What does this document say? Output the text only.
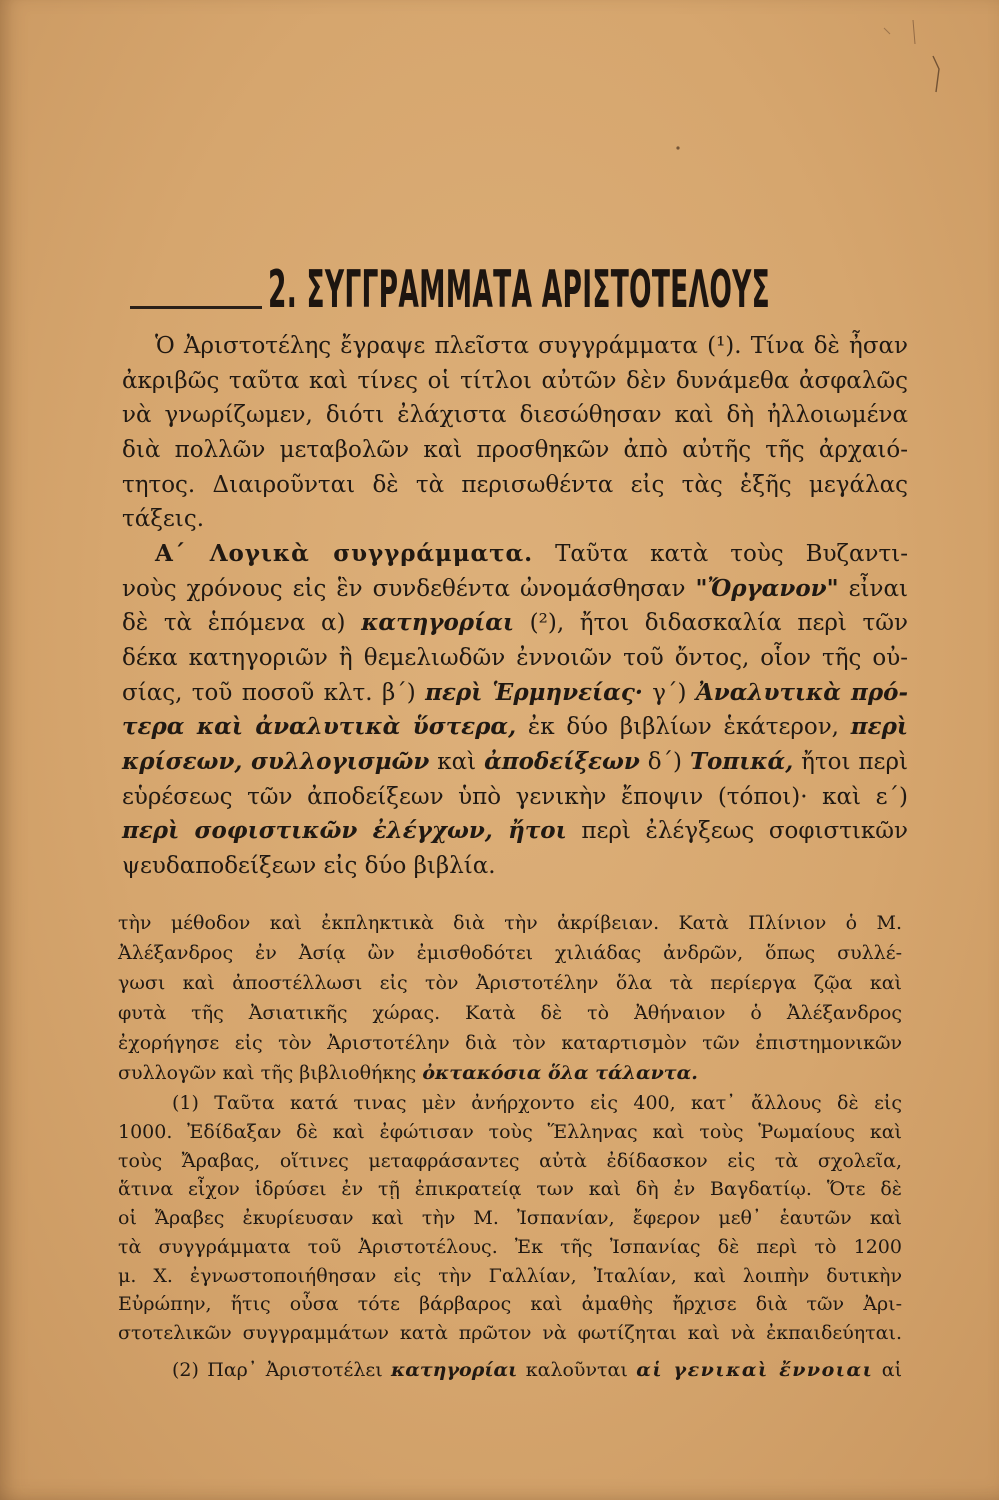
2. ΣΥΓΓΡΑΜΜΑΤΑ ΑΡΙΣΤΟΤΕΛΟΥΣ
Ὁ Ἀριστοτέλης ἔγραψε πλεῖστα συγγράμματα (¹). Τίνα δὲ ἦσαν
ἀκριβῶς ταῦτα καὶ τίνες οἱ τίτλοι αὐτῶν δὲν δυνάμεθα ἀσφαλῶς
νὰ γνωρίζωμεν, διότι ἐλάχιστα διεσώθησαν καὶ δὴ ἠλλοιωμένα
διὰ πολλῶν μεταβολῶν καὶ προσθηκῶν ἀπὸ αὐτῆς τῆς ἀρχαιό-
τητος. Διαιροῦνται δὲ τὰ περισωθέντα εἰς τὰς ἑξῆς μεγάλας
τάξεις.
Α΄ Λογικὰ συγγράμματα. Ταῦτα κατὰ τοὺς Βυζαντι-
νοὺς χρόνους εἰς ἓν συνδεθέντα ὠνομάσθησαν "Ὄργανον" εἶναι
δὲ τὰ ἑπόμενα α) κατηγορίαι (²), ἤτοι διδασκαλία περὶ τῶν
δέκα κατηγοριῶν ἢ θεμελιωδῶν ἐννοιῶν τοῦ ὄντος, οἷον τῆς οὐ-
σίας, τοῦ ποσοῦ κλτ. β΄) περὶ Ἑρμηνείας· γ΄) Ἀναλυτικὰ πρό-
τερα καὶ ἀναλυτικὰ ὕστερα, ἐκ δύο βιβλίων ἑκάτερον, περὶ
κρίσεων, συλλογισμῶν καὶ ἀποδείξεων δ΄) Τοπικά, ἤτοι περὶ
εὑρέσεως τῶν ἀποδείξεων ὑπὸ γενικὴν ἔποψιν (τόποι)· καὶ ε΄)
περὶ σοφιστικῶν ἐλέγχων, ἤτοι περὶ ἐλέγξεως σοφιστικῶν
ψευδαποδείξεων εἰς δύο βιβλία.
τὴν μέθοδον καὶ ἐκπληκτικὰ διὰ τὴν ἀκρίβειαν. Κατὰ Πλίνιον ὁ Μ.
Ἀλέξανδρος ἐν Ἀσίᾳ ὢν ἐμισθοδότει χιλιάδας ἀνδρῶν, ὅπως συλλέ-
γωσι καὶ ἀποστέλλωσι εἰς τὸν Ἀριστοτέλην ὅλα τὰ περίεργα ζῷα καὶ
φυτὰ τῆς Ἀσιατικῆς χώρας. Κατὰ δὲ τὸ Ἀθήναιον ὁ Ἀλέξανδρος
ἐχορήγησε εἰς τὸν Ἀριστοτέλην διὰ τὸν καταρτισμὸν τῶν ἐπιστημονικῶν
συλλογῶν καὶ τῆς βιβλιοθήκης ὀκτακόσια ὅλα τάλαντα.
(1) Ταῦτα κατά τινας μὲν ἀνήρχοντο εἰς 400, κατ᾿ ἄλλους δὲ εἰς
1000. Ἐδίδαξαν δὲ καὶ ἐφώτισαν τοὺς Ἕλληνας καὶ τοὺς Ῥωμαίους καὶ
τοὺς Ἄραβας, οἵτινες μεταφράσαντες αὐτὰ ἐδίδασκον εἰς τὰ σχολεῖα,
ἅτινα εἶχον ἱδρύσει ἐν τῇ ἐπικρατείᾳ των καὶ δὴ ἐν Βαγδατίῳ. Ὅτε δὲ
οἱ Ἄραβες ἐκυρίευσαν καὶ τὴν Μ. Ἰσπανίαν, ἔφερον μεθ᾿ ἑαυτῶν καὶ
τὰ συγγράμματα τοῦ Ἀριστοτέλους. Ἐκ τῆς Ἰσπανίας δὲ περὶ τὸ 1200
μ. Χ. ἐγνωστοποιήθησαν εἰς τὴν Γαλλίαν, Ἰταλίαν, καὶ λοιπὴν δυτικὴν
Εὐρώπην, ἥτις οὖσα τότε βάρβαρος καὶ ἀμαθὴς ἤρχισε διὰ τῶν Ἀρι-
στοτελικῶν συγγραμμάτων κατὰ πρῶτον νὰ φωτίζηται καὶ νὰ ἐκπαιδεύηται.
(2) Παρ᾿ Ἀριστοτέλει κατηγορίαι καλοῦνται αἱ γενικαὶ ἔννοιαι αἱ
